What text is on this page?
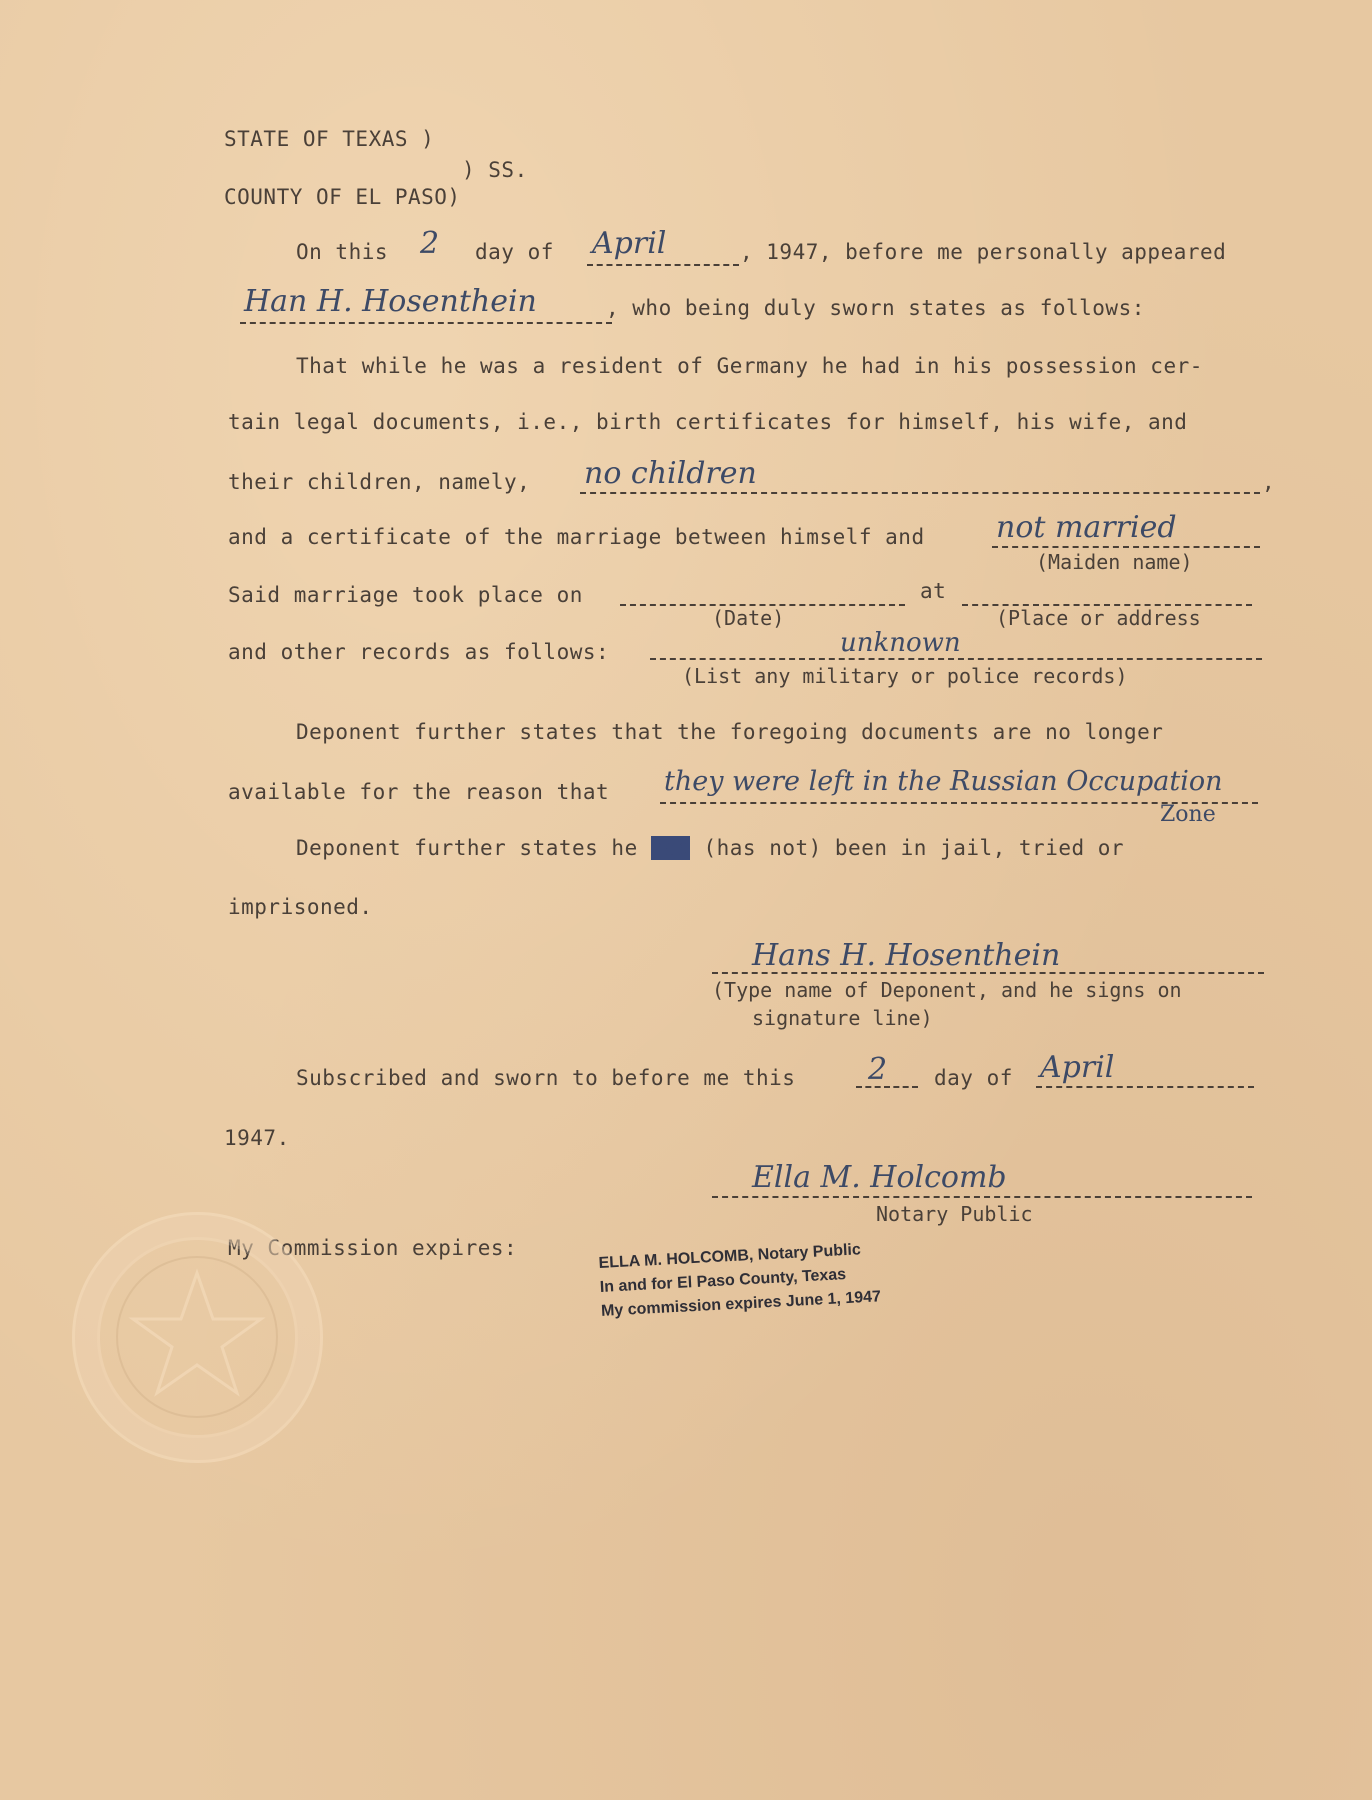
STATE OF TEXAS )
) SS.
COUNTY OF EL PASO)
On this 2 day of April	, 1947, before me personally appeared
Han H. Hosenthein	, who being duly sworn states as follows:
That while he was a resident of Germany he had in his possession cer-
tain legal documents, i.e., birth certificates for himself, his wife, and
their children, namely, no children	,
and a certificate of the marriage between himself and not married
(Maiden name)
Said marriage took place on	at
(Date)	(Place or address
and other records as follows:	unknown
(List any military or police records)
Deponent further states that the foregoing documents are no longer
available for the reason that they were left in the Russian Occupation
Zone
Deponent further states he has (has not) been in jail, tried or
imprisoned.
Hans H. Hosenthein
(Type name of Deponent, and he signs on
signature line)
Subscribed and sworn to before me this 2 day of April
1947.
Ella M. Holcomb
Notary Public
My Commission expires:	ELLA M. HOLCOMB, Notary Public
In and for El Paso County, Texas
My commission expires June 1, 1947
